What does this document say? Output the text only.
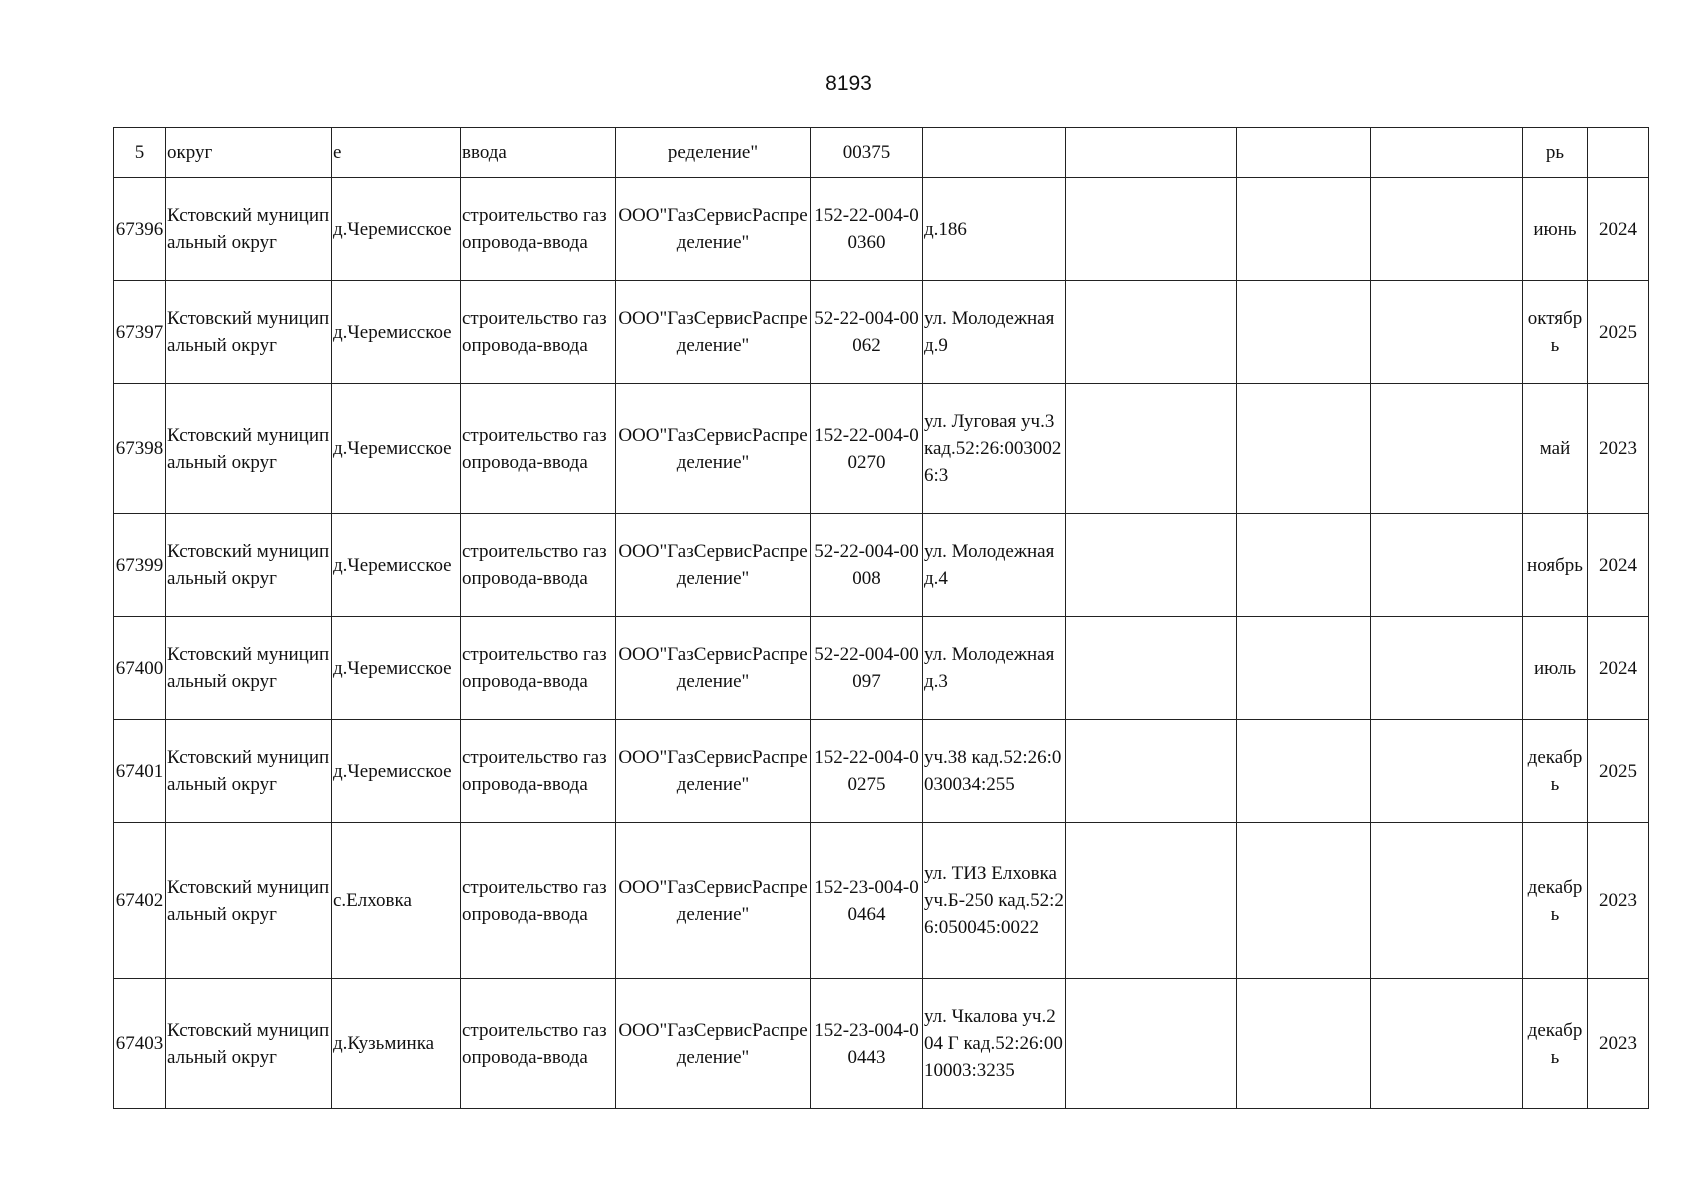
8193
5	округ	е	ввода	ределение"	00375					рь	
67396	Кстовский муниципальный округ	д.Черемисское	строительство газопровода-ввода	ООО"ГазСервисРаспределение"	152-22-004-00360	д.186				июнь	2024
67397	Кстовский муниципальный округ	д.Черемисское	строительство газопровода-ввода	ООО"ГазСервисРаспределение"	52-22-004-00062	ул. Молодежная д.9				октябрь	2025
67398	Кстовский муниципальный округ	д.Черемисское	строительство газопровода-ввода	ООО"ГазСервисРаспределение"	152-22-004-00270	ул. Луговая уч.3 кад.52:26:0030026:3				май	2023
67399	Кстовский муниципальный округ	д.Черемисское	строительство газопровода-ввода	ООО"ГазСервисРаспределение"	52-22-004-00008	ул. Молодежная д.4				ноябрь	2024
67400	Кстовский муниципальный округ	д.Черемисское	строительство газопровода-ввода	ООО"ГазСервисРаспределение"	52-22-004-00097	ул. Молодежная д.3				июль	2024
67401	Кстовский муниципальный округ	д.Черемисское	строительство газопровода-ввода	ООО"ГазСервисРаспределение"	152-22-004-00275	уч.38 кад.52:26:0030034:255				декабрь	2025
67402	Кстовский муниципальный округ	с.Елховка	строительство газопровода-ввода	ООО"ГазСервисРаспределение"	152-23-004-00464	ул. ТИЗ Елховка уч.Б-250 кад.52:26:050045:0022				декабрь	2023
67403	Кстовский муниципальный округ	д.Кузьминка	строительство газопровода-ввода	ООО"ГазСервисРаспределение"	152-23-004-00443	ул. Чкалова уч.204 Г кад.52:26:0010003:3235				декабрь	2023
